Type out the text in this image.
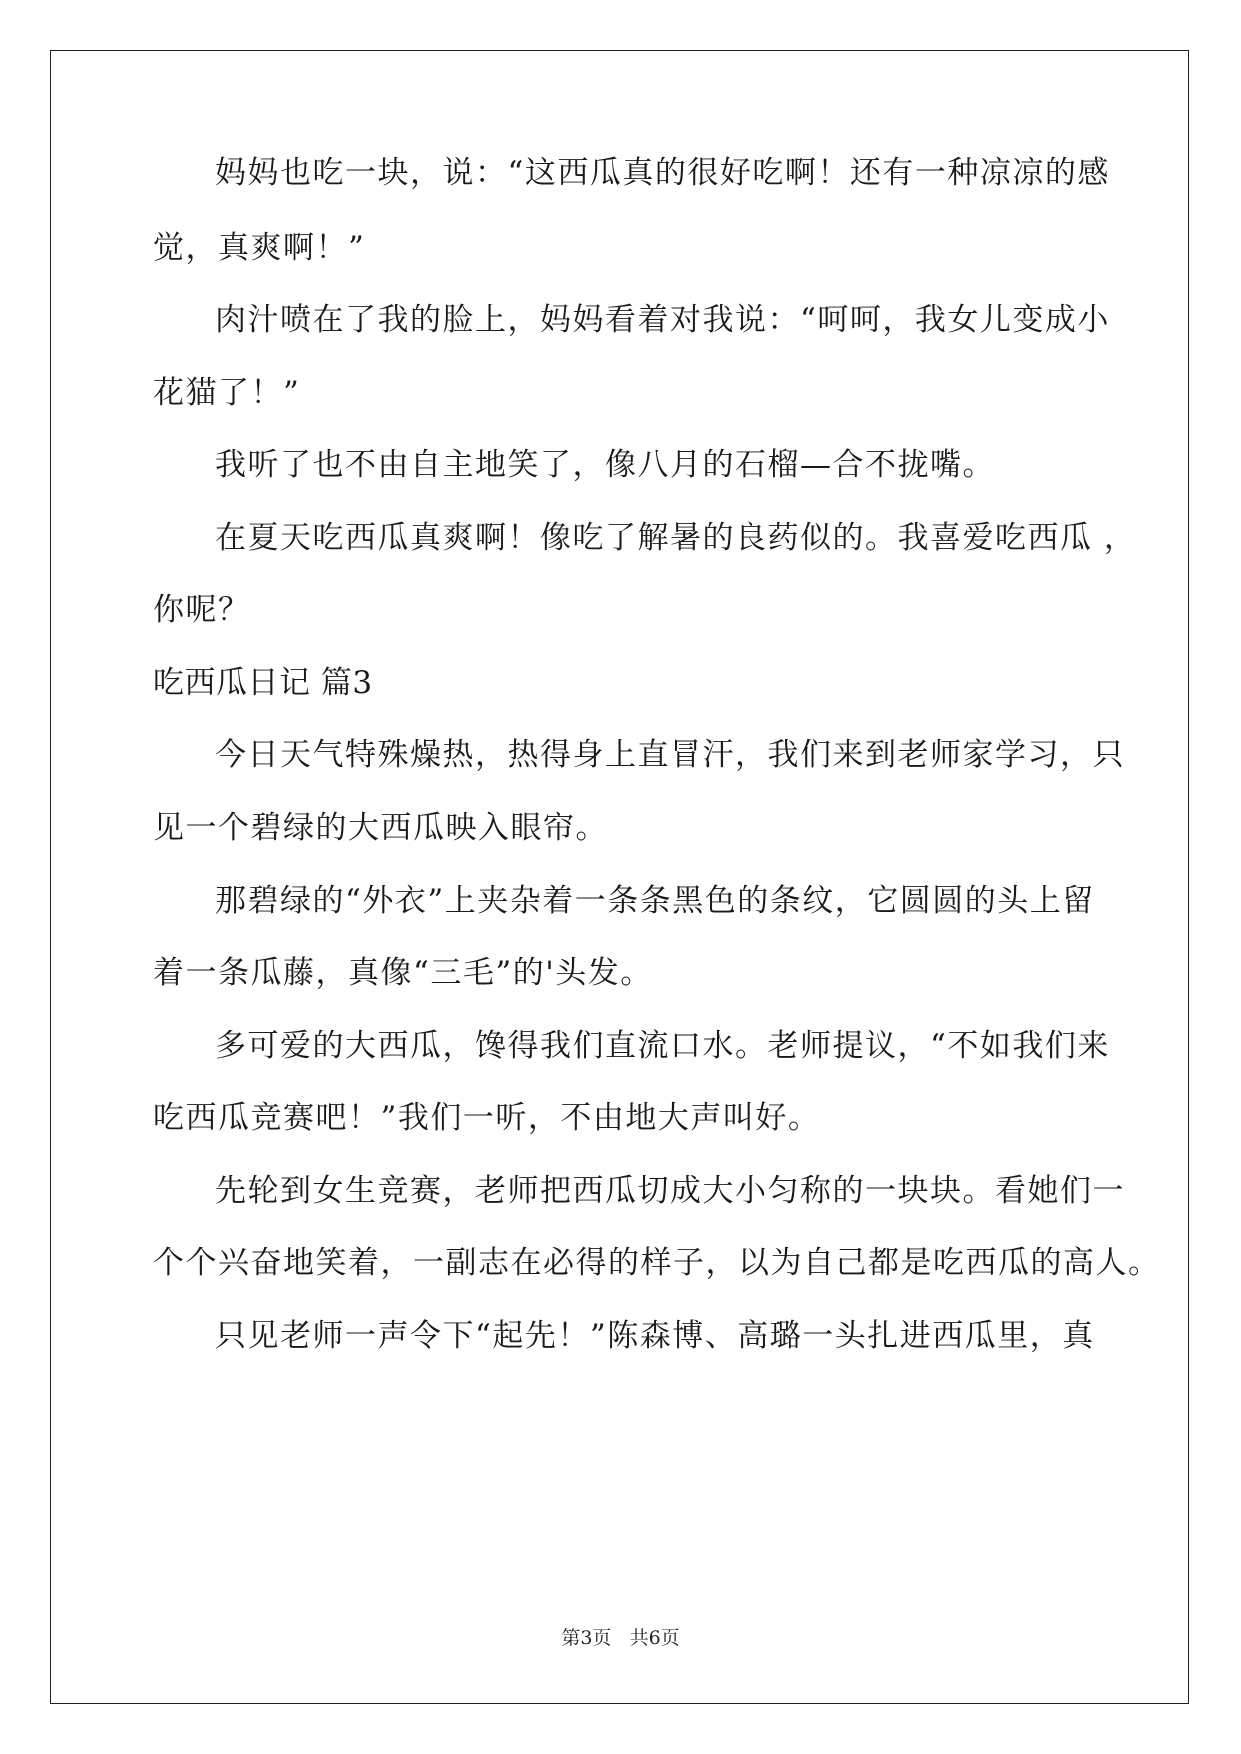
妈妈也吃一块，说：“这西瓜真的很好吃啊！还有一种凉凉的感
觉，真爽啊！”
肉汁喷在了我的脸上，妈妈看着对我说：“呵呵，我女儿变成小
花猫了！”
我听了也不由自主地笑了，像八月的石榴—合不拢嘴。
在夏天吃西瓜真爽啊！像吃了解暑的良药似的。我喜爱吃西瓜 ，
你呢？
吃西瓜日记 篇3
今日天气特殊燥热，热得身上直冒汗，我们来到老师家学习，只
见一个碧绿的大西瓜映入眼帘。
那碧绿的“外衣”上夹杂着一条条黑色的条纹，它圆圆的头上留
着一条瓜藤，真像“三毛”的'头发。
多可爱的大西瓜，馋得我们直流口水。老师提议，“不如我们来
吃西瓜竞赛吧！”我们一听，不由地大声叫好。
先轮到女生竞赛，老师把西瓜切成大小匀称的一块块。看她们一
个个兴奋地笑着，一副志在必得的样子，以为自己都是吃西瓜的高人。
只见老师一声令下“起先！”陈森博、高璐一头扎进西瓜里，真
第3页 共6页
